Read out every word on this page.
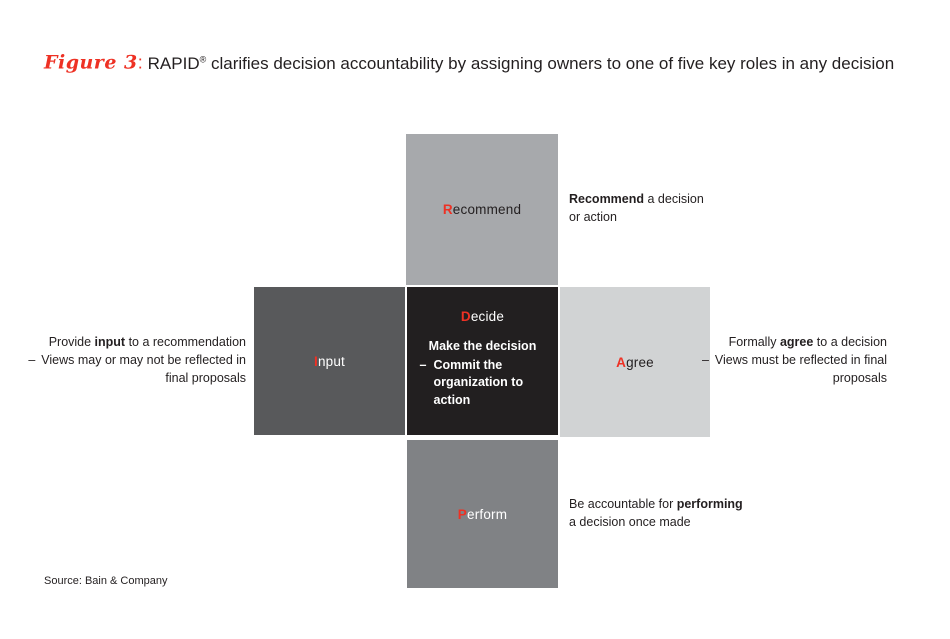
Figure 3: RAPID® clarifies decision accountability by assigning owners to one of five key roles in any decision
Recommend
Input
Decide
Make the decision
– Commit the organization to action
Agree
Perform
Provide input to a recommendation
– Views may or may not be reflected in final proposals
Recommend a decision
or action
Formally agree to a decision
– Views must be reflected in final proposals
Be accountable for performing
a decision once made
Source: Bain & Company
